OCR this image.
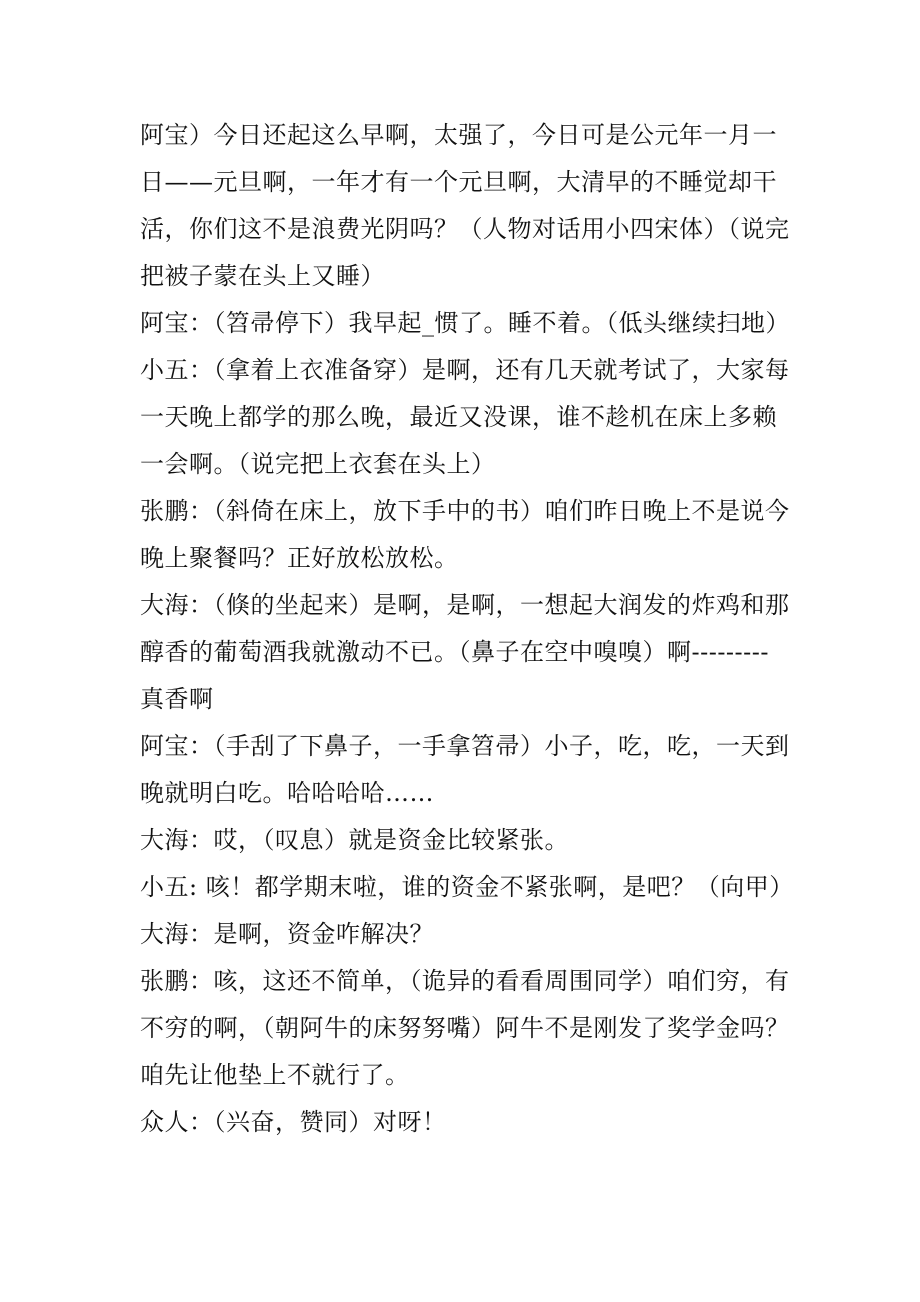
阿宝）今日还起这么早啊，太强了，今日可是公元年一月一日——元旦啊，一年才有一个元旦啊，大清早的不睡觉却干活，你们这不是浪费光阴吗？（人物对话用小四宋体）（说完把被子蒙在头上又睡）

阿宝：（笤帚停下）我早起_惯了。睡不着。（低头继续扫地）

小五：（拿着上衣准备穿）是啊，还有几天就考试了，大家每一天晚上都学的那么晚，最近又没课，谁不趁机在床上多赖一会啊。（说完把上衣套在头上）

张鹏：（斜倚在床上，放下手中的书）咱们昨日晚上不是说今晚上聚餐吗？正好放松放松。

大海：（倏的坐起来）是啊，是啊，一想起大润发的炸鸡和那醇香的葡萄酒我就激动不已。（鼻子在空中嗅嗅）啊---------真香啊

阿宝：（手刮了下鼻子，一手拿笤帚）小子，吃，吃，一天到晚就明白吃。哈哈哈哈……

大海：哎，（叹息）就是资金比较紧张。

小五: 咳！都学期末啦，谁的资金不紧张啊，是吧？（向甲）

大海：是啊，资金咋解决？

张鹏：咳，这还不简单，（诡异的看看周围同学）咱们穷，有不穷的啊，（朝阿牛的床努努嘴）阿牛不是刚发了奖学金吗？咱先让他垫上不就行了。

众人：（兴奋，赞同）对呀！
